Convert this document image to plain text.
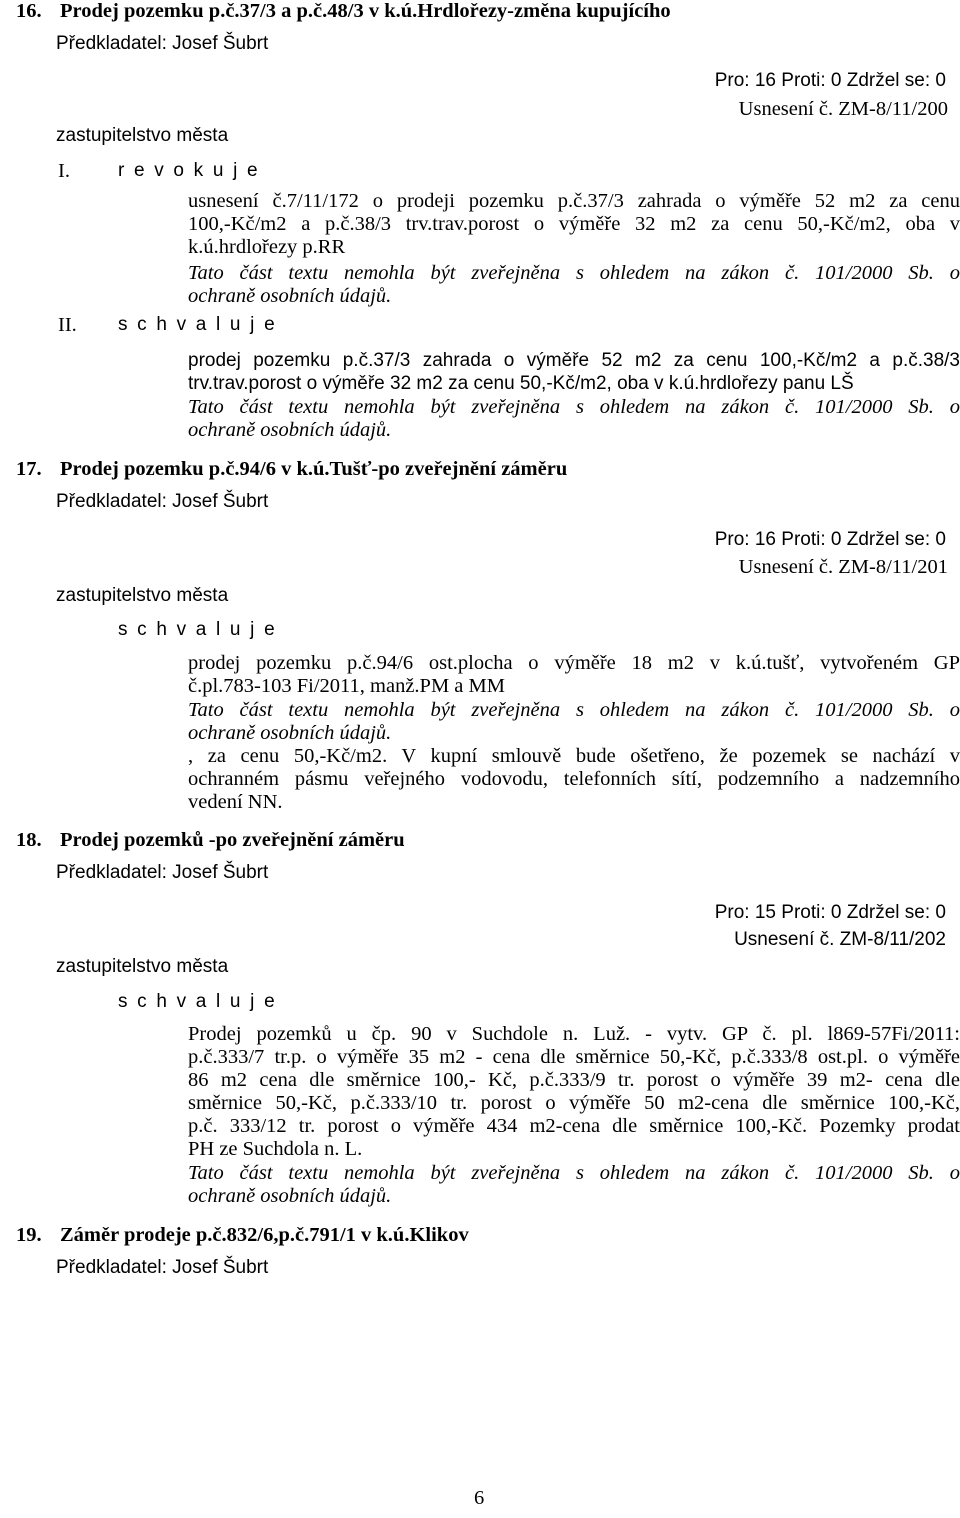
16. Prodej pozemku p.č.37/3 a p.č.48/3 v k.ú.Hrdlořezy-změna kupujícího
Předkladatel: Josef Šubrt
Pro: 16 Proti: 0 Zdržel se: 0
Usnesení č. ZM-8/11/200
zastupitelstvo města
I.	r e v o k u j e
usnesení č.7/11/172 o prodeji pozemku p.č.37/3 zahrada o výměře 52 m2 za cenu
100,-Kč/m2 a p.č.38/3 trv.trav.porost o výměře 32 m2 za cenu 50,-Kč/m2, oba v
k.ú.hrdlořezy p.RR
Tato část textu nemohla být zveřejněna s ohledem na zákon č. 101/2000 Sb. o
ochraně osobních údajů.
II. s c h v a l u j e
prodej pozemku p.č.37/3 zahrada o výměře 52 m2 za cenu 100,-Kč/m2 a p.č.38/3
trv.trav.porost o výměře 32 m2 za cenu 50,-Kč/m2, oba v k.ú.hrdlořezy panu LŠ
Tato část textu nemohla být zveřejněna s ohledem na zákon č. 101/2000 Sb. o
ochraně osobních údajů.
17. Prodej pozemku p.č.94/6 v k.ú.Tušť-po zveřejnění záměru
Předkladatel: Josef Šubrt
Pro: 16 Proti: 0 Zdržel se: 0
Usnesení č. ZM-8/11/201
zastupitelstvo města
s c h v a l u j e
prodej pozemku p.č.94/6 ost.plocha o výměře 18 m2 v k.ú.tušť, vytvořeném GP
č.pl.783-103 Fi/2011, manž.PM a MM
Tato část textu nemohla být zveřejněna s ohledem na zákon č. 101/2000 Sb. o
ochraně osobních údajů.
, za cenu 50,-Kč/m2. V kupní smlouvě bude ošetřeno, že pozemek se nachází v
ochranném pásmu veřejného vodovodu, telefonních sítí, podzemního a nadzemního
vedení NN.
18. Prodej pozemků -po zveřejnění záměru
Předkladatel: Josef Šubrt
Pro: 15 Proti: 0 Zdržel se: 0
Usnesení č. ZM-8/11/202
zastupitelstvo města
s c h v a l u j e
Prodej pozemků u čp. 90 v Suchdole n. Luž. - vytv. GP č. pl. l869-57Fi/2011:
p.č.333/7 tr.p. o výměře 35 m2 - cena dle směrnice 50,-Kč, p.č.333/8 ost.pl. o výměře
86 m2 cena dle směrnice 100,- Kč, p.č.333/9 tr. porost o výměře 39 m2- cena dle
směrnice 50,-Kč, p.č.333/10 tr. porost o výměře 50 m2-cena dle směrnice 100,-Kč,
p.č. 333/12 tr. porost o výměře 434 m2-cena dle směrnice 100,-Kč. Pozemky prodat
PH ze Suchdola n. L.
Tato část textu nemohla být zveřejněna s ohledem na zákon č. 101/2000 Sb. o
ochraně osobních údajů.
19. Záměr prodeje p.č.832/6,p.č.791/1 v k.ú.Klikov
Předkladatel: Josef Šubrt
6
